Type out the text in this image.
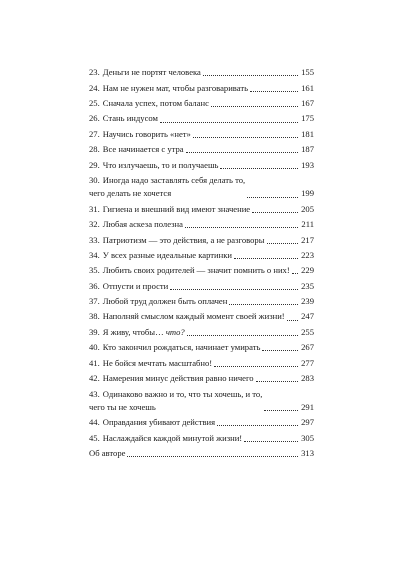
23. Деньги не портят человека	155
24. Нам не нужен мат, чтобы разговаривать	161
25. Сначала успех, потом баланс	167
26. Стань индусом	175
27. Научись говорить «нет»	181
28. Все начинается с утра	187
29. Что излучаешь, то и получаешь	193
30. Иногда надо заставлять себя делать то,
чего делать не хочется	199
31. Гигиена и внешний вид имеют значение	205
32. Любая аскеза полезна	211
33. Патриотизм — это действия, а не разговоры	217
34. У всех разные идеальные картинки	223
35. Любить своих родителей — значит помнить о них! 229
36. Отпусти и прости	235
37. Любой труд должен быть оплачен	239
38. Наполняй смыслом каждый момент своей жизни! 247
39. Я живу, чтобы… что?	255
40. Кто закончил рождаться, начинает умирать	267
41. Не бойся мечтать масштабно!	277
42. Намерения минус действия равно ничего	283
43. Одинаково важно и то, что ты хочешь, и то,
чего ты не хочешь	291
44. Оправдания убивают действия	297
45. Наслаждайся каждой минутой жизни!	305
Об авторе	313
